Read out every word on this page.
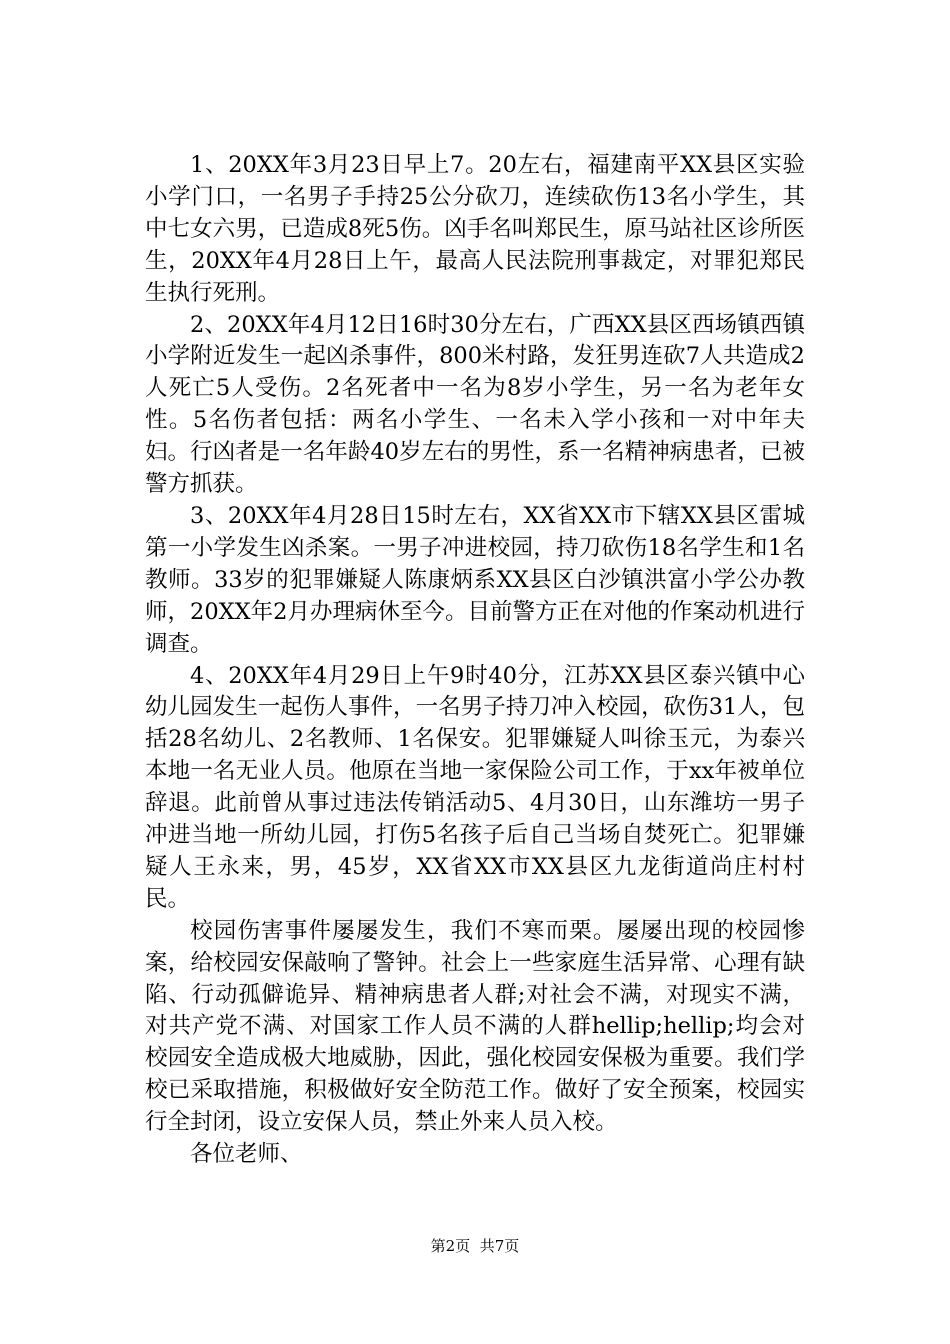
1、20XX年3月23日早上7。20左右，福建南平XX县区实验小学门口，一名男子手持25公分砍刀，连续砍伤13名小学生，其中七女六男，已造成8死5伤。凶手名叫郑民生，原马站社区诊所医生，20XX年4月28日上午，最高人民法院刑事裁定，对罪犯郑民生执行死刑。

2、20XX年4月12日16时30分左右，广西XX县区西场镇西镇小学附近发生一起凶杀事件，800米村路，发狂男连砍7人共造成2人死亡5人受伤。2名死者中一名为8岁小学生，另一名为老年女性。5名伤者包括：两名小学生、一名未入学小孩和一对中年夫妇。行凶者是一名年龄40岁左右的男性，系一名精神病患者，已被警方抓获。

3、20XX年4月28日15时左右，XX省XX市下辖XX县区雷城第一小学发生凶杀案。一男子冲进校园，持刀砍伤18名学生和1名教师。33岁的犯罪嫌疑人陈康炳系XX县区白沙镇洪富小学公办教师，20XX年2月办理病休至今。目前警方正在对他的作案动机进行调查。

4、20XX年4月29日上午9时40分，江苏XX县区泰兴镇中心幼儿园发生一起伤人事件，一名男子持刀冲入校园，砍伤31人，包括28名幼儿、2名教师、1名保安。犯罪嫌疑人叫徐玉元，为泰兴本地一名无业人员。他原在当地一家保险公司工作，于xx年被单位辞退。此前曾从事过违法传销活动5、4月30日，山东潍坊一男子冲进当地一所幼儿园，打伤5名孩子后自己当场自焚死亡。犯罪嫌疑人王永来，男，45岁，XX省XX市XX县区九龙街道尚庄村村民。

校园伤害事件屡屡发生，我们不寒而栗。屡屡出现的校园惨案，给校园安保敲响了警钟。社会上一些家庭生活异常、心理有缺陷、行动孤僻诡异、精神病患者人群;对社会不满，对现实不满，对共产党不满、对国家工作人员不满的人群hellip;hellip;均会对校园安全造成极大地威胁，因此，强化校园安保极为重要。我们学校已采取措施，积极做好安全防范工作。做好了安全预案，校园实行全封闭，设立安保人员，禁止外来人员入校。

各位老师、

第2页 共7页
